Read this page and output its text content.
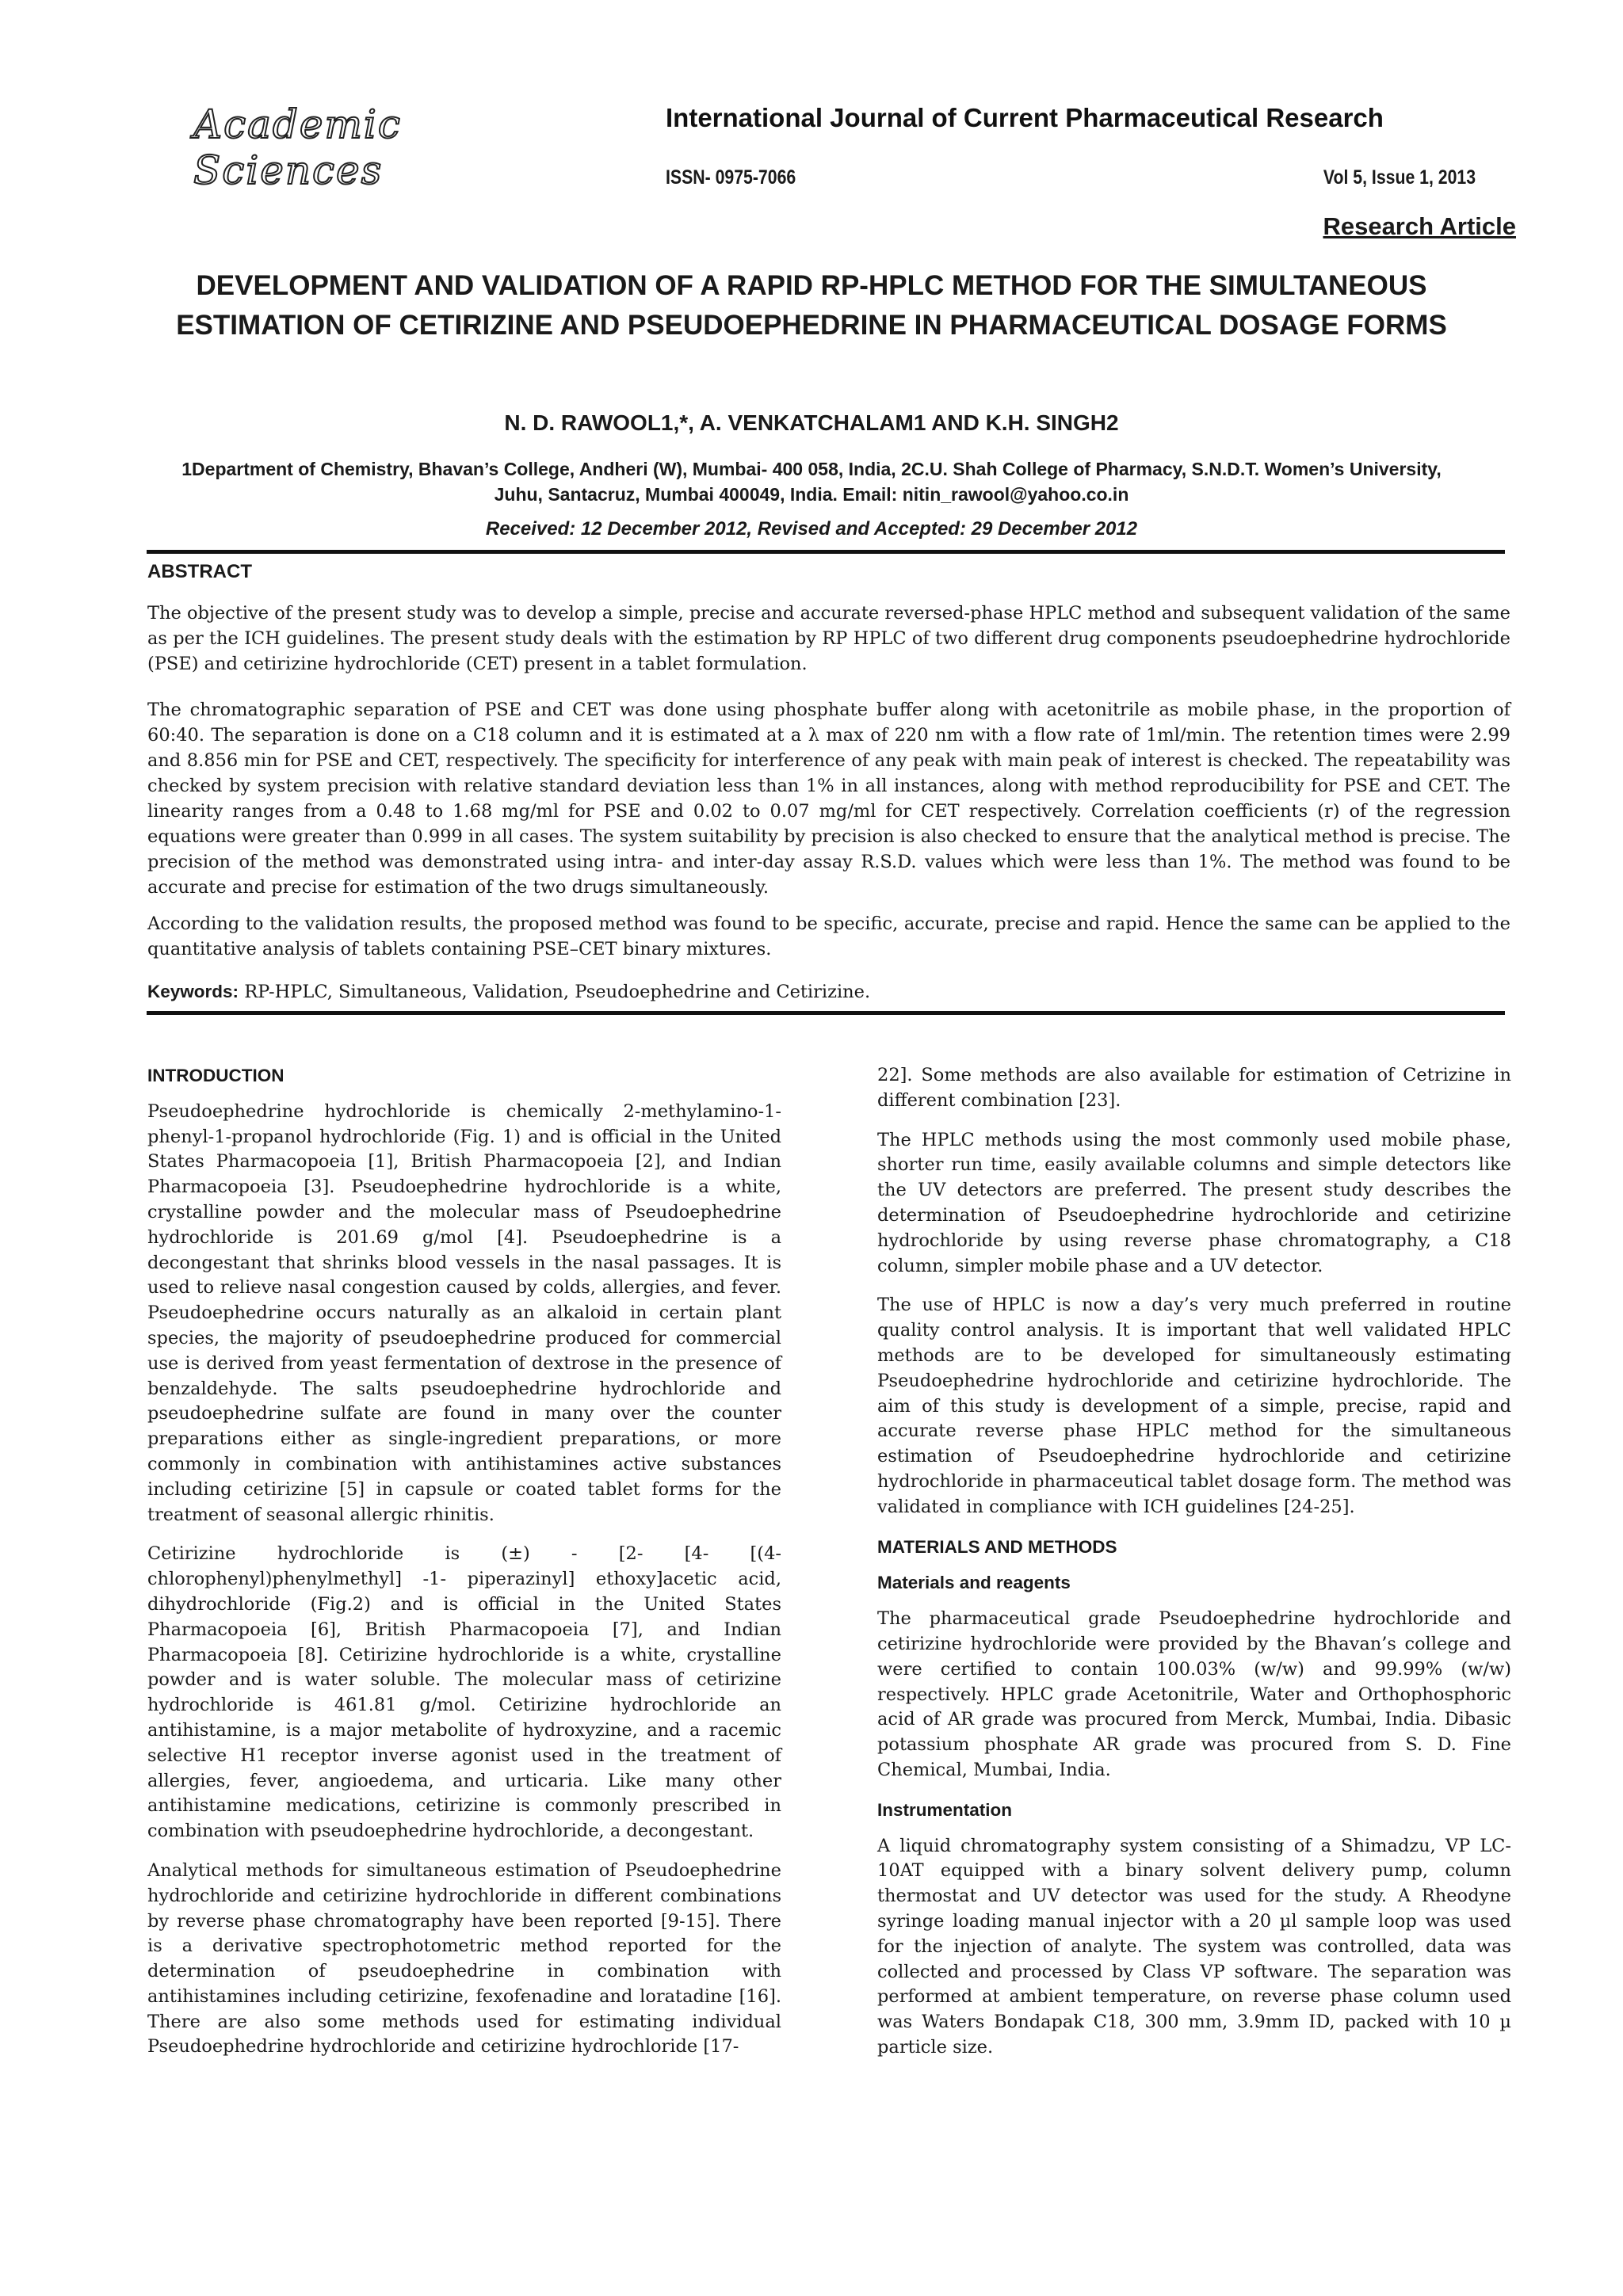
Academic Sciences
International Journal of Current Pharmaceutical Research
ISSN- 0975-7066	Vol 5, Issue 1, 2013
Research Article
DEVELOPMENT AND VALIDATION OF A RAPID RP-HPLC METHOD FOR THE SIMULTANEOUS
ESTIMATION OF CETIRIZINE AND PSEUDOEPHEDRINE IN PHARMACEUTICAL DOSAGE FORMS
N. D. RAWOOL1,*, A. VENKATCHALAM1 AND K.H. SINGH2
1Department of Chemistry, Bhavan’s College, Andheri (W), Mumbai- 400 058, India, 2C.U. Shah College of Pharmacy, S.N.D.T. Women’s University, Juhu, Santacruz, Mumbai 400049, India. Email: nitin_rawool@yahoo.co.in
Received: 12 December 2012, Revised and Accepted: 29 December 2012
ABSTRACT
The objective of the present study was to develop a simple, precise and accurate reversed-phase HPLC method and subsequent validation of the same as per the ICH guidelines. The present study deals with the estimation by RP HPLC of two different drug components pseudoephedrine hydrochloride (PSE) and cetirizine hydrochloride (CET) present in a tablet formulation.
The chromatographic separation of PSE and CET was done using phosphate buffer along with acetonitrile as mobile phase, in the proportion of 60:40. The separation is done on a C18 column and it is estimated at a λ max of 220 nm with a flow rate of 1ml/min. The retention times were 2.99 and 8.856 min for PSE and CET, respectively. The specificity for interference of any peak with main peak of interest is checked. The repeatability was checked by system precision with relative standard deviation less than 1% in all instances, along with method reproducibility for PSE and CET. The linearity ranges from a 0.48 to 1.68 mg/ml for PSE and 0.02 to 0.07 mg/ml for CET respectively. Correlation coefficients (r) of the regression equations were greater than 0.999 in all cases. The system suitability by precision is also checked to ensure that the analytical method is precise. The precision of the method was demonstrated using intra- and inter-day assay R.S.D. values which were less than 1%. The method was found to be accurate and precise for estimation of the two drugs simultaneously.
According to the validation results, the proposed method was found to be specific, accurate, precise and rapid. Hence the same can be applied to the quantitative analysis of tablets containing PSE–CET binary mixtures.
Keywords: RP-HPLC, Simultaneous, Validation, Pseudoephedrine and Cetirizine.
INTRODUCTION

Pseudoephedrine hydrochloride is chemically 2-methylamino-1-phenyl-1-propanol hydrochloride (Fig. 1) and is official in the United States Pharmacopoeia [1], British Pharmacopoeia [2], and Indian Pharmacopoeia [3]. Pseudoephedrine hydrochloride is a white, crystalline powder and the molecular mass of Pseudoephedrine hydrochloride is 201.69 g/mol [4]. Pseudoephedrine is a decongestant that shrinks blood vessels in the nasal passages. It is used to relieve nasal congestion caused by colds, allergies, and fever. Pseudoephedrine occurs naturally as an alkaloid in certain plant species, the majority of pseudoephedrine produced for commercial use is derived from yeast fermentation of dextrose in the presence of benzaldehyde. The salts pseudoephedrine hydrochloride and pseudoephedrine sulfate are found in many over the counter preparations either as single-ingredient preparations, or more commonly in combination with antihistamines active substances including cetirizine [5] in capsule or coated tablet forms for the treatment of seasonal allergic rhinitis.

Cetirizine hydrochloride is (±) - [2- [4- [(4-chlorophenyl)phenylmethyl] -1- piperazinyl] ethoxy]acetic acid, dihydrochloride (Fig.2) and is official in the United States Pharmacopoeia [6], British Pharmacopoeia [7], and Indian Pharmacopoeia [8]. Cetirizine hydrochloride is a white, crystalline powder and is water soluble. The molecular mass of cetirizine hydrochloride is 461.81 g/mol. Cetirizine hydrochloride an antihistamine, is a major metabolite of hydroxyzine, and a racemic selective H1 receptor inverse agonist used in the treatment of allergies, fever, angioedema, and urticaria. Like many other antihistamine medications, cetirizine is commonly prescribed in combination with pseudoephedrine hydrochloride, a decongestant.

Analytical methods for simultaneous estimation of Pseudoephedrine hydrochloride and cetirizine hydrochloride in different combinations by reverse phase chromatography have been reported [9-15]. There is a derivative spectrophotometric method reported for the determination of pseudoephedrine in combination with antihistamines including cetirizine, fexofenadine and loratadine [16]. There are also some methods used for estimating individual Pseudoephedrine hydrochloride and cetirizine hydrochloride [17-

22]. Some methods are also available for estimation of Cetrizine in different combination [23].

The HPLC methods using the most commonly used mobile phase, shorter run time, easily available columns and simple detectors like the UV detectors are preferred. The present study describes the determination of Pseudoephedrine hydrochloride and cetirizine hydrochloride by using reverse phase chromatography, a C18 column, simpler mobile phase and a UV detector.

The use of HPLC is now a day’s very much preferred in routine quality control analysis. It is important that well validated HPLC methods are to be developed for simultaneously estimating Pseudoephedrine hydrochloride and cetirizine hydrochloride. The aim of this study is development of a simple, precise, rapid and accurate reverse phase HPLC method for the simultaneous estimation of Pseudoephedrine hydrochloride and cetirizine hydrochloride in pharmaceutical tablet dosage form. The method was validated in compliance with ICH guidelines [24-25].

MATERIALS AND METHODS
Materials and reagents

The pharmaceutical grade Pseudoephedrine hydrochloride and cetirizine hydrochloride were provided by the Bhavan’s college and were certified to contain 100.03% (w/w) and 99.99% (w/w) respectively. HPLC grade Acetonitrile, Water and Orthophosphoric acid of AR grade was procured from Merck, Mumbai, India. Dibasic potassium phosphate AR grade was procured from S. D. Fine Chemical, Mumbai, India.

Instrumentation

A liquid chromatography system consisting of a Shimadzu, VP LC-10AT equipped with a binary solvent delivery pump, column thermostat and UV detector was used for the study. A Rheodyne syringe loading manual injector with a 20 µl sample loop was used for the injection of analyte. The system was controlled, data was collected and processed by Class VP software. The separation was performed at ambient temperature, on reverse phase column used was Waters Bondapak C18, 300 mm, 3.9mm ID, packed with 10 µ particle size.
